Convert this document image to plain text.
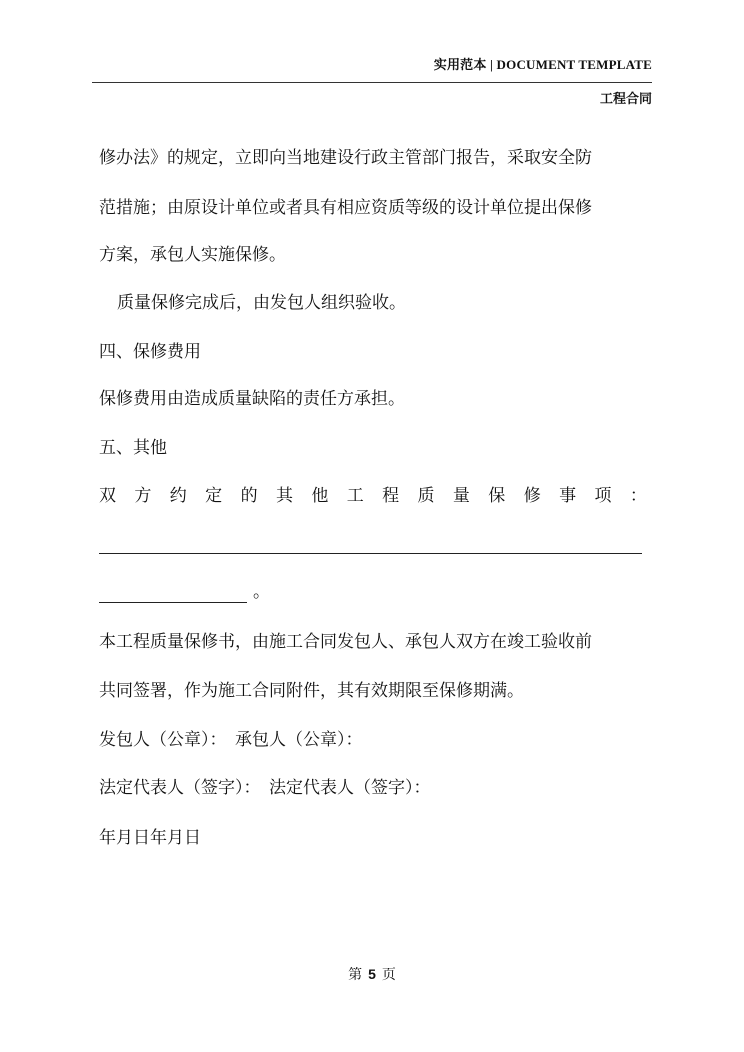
实用范本 | DOCUMENT TEMPLATE
工程合同
修办法》的规定，立即向当地建设行政主管部门报告，采取安全防
范措施；由原设计单位或者具有相应资质等级的设计单位提出保修
方案，承包人实施保修。
质量保修完成后，由发包人组织验收。
四、保修费用
保修费用由造成质量缺陷的责任方承担。
五、其他
双 方 约 定 的 其 他 工 程 质 量 保 修 事 项 ：
。
本工程质量保修书，由施工合同发包人、承包人双方在竣工验收前
共同签署，作为施工合同附件，其有效期限至保修期满。
发包人（公章）：　承包人（公章）：
法定代表人（签字）：　法定代表人（签字）：
年月日年月日
第 5 页
